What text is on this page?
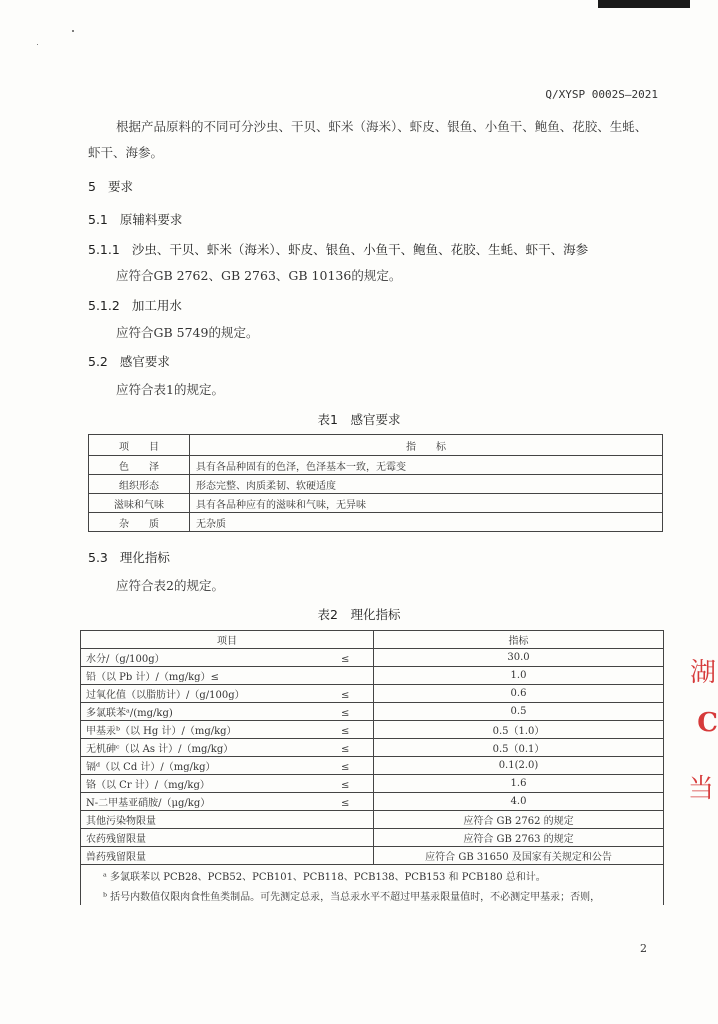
Q/XYSP 0002S—2021
根据产品原料的不同可分沙虫、干贝、虾米（海米）、虾皮、银鱼、小鱼干、鲍鱼、花胶、生蚝、
虾干、海参。
5 要求
5.1 原辅料要求
5.1.1 沙虫、干贝、虾米（海米）、虾皮、银鱼、小鱼干、鲍鱼、花胶、生蚝、虾干、海参
应符合GB 2762、GB 2763、GB 10136的规定。
5.1.2 加工用水
应符合GB 5749的规定。
5.2 感官要求
应符合表1的规定。
表1　感官要求
项　　目	指　　标
色　　泽	具有各品种固有的色泽，色泽基本一致，无霉变
组织形态	形态完整、肉质柔韧、软硬适度
滋味和气味	具有各品种应有的滋味和气味，无异味
杂　　质	无杂质
5.3 理化指标
应符合表2的规定。
表2　理化指标
项目	指标
水分/（g/100g） ≤	30.0
铅（以 Pb 计）/（mg/kg）≤	1.0
过氧化值（以脂肪计）/（g/100g） ≤	0.6
多氯联苯ᵃ/(mg/kg) ≤	0.5
甲基汞ᵇ（以 Hg 计）/（mg/kg） ≤	0.5（1.0）
无机砷ᶜ（以 As 计）/（mg/kg） ≤	0.5（0.1）
镉ᵈ（以 Cd 计）/（mg/kg） ≤	0.1(2.0)
铬（以 Cr 计）/（mg/kg） ≤	1.6
N-二甲基亚硝胺/（μg/kg） ≤	4.0
其他污染物限量	应符合 GB 2762 的规定
农药残留限量	应符合 GB 2763 的规定
兽药残留限量	应符合 GB 31650 及国家有关规定和公告
ᵃ 多氯联苯以 PCB28、PCB52、PCB101、PCB118、PCB138、PCB153 和 PCB180 总和计。	
ᵇ 括号内数值仅限肉食性鱼类制品。可先测定总汞，当总汞水平不超过甲基汞限量值时，不必测定甲基汞；否则，	
湖
C
当
2
